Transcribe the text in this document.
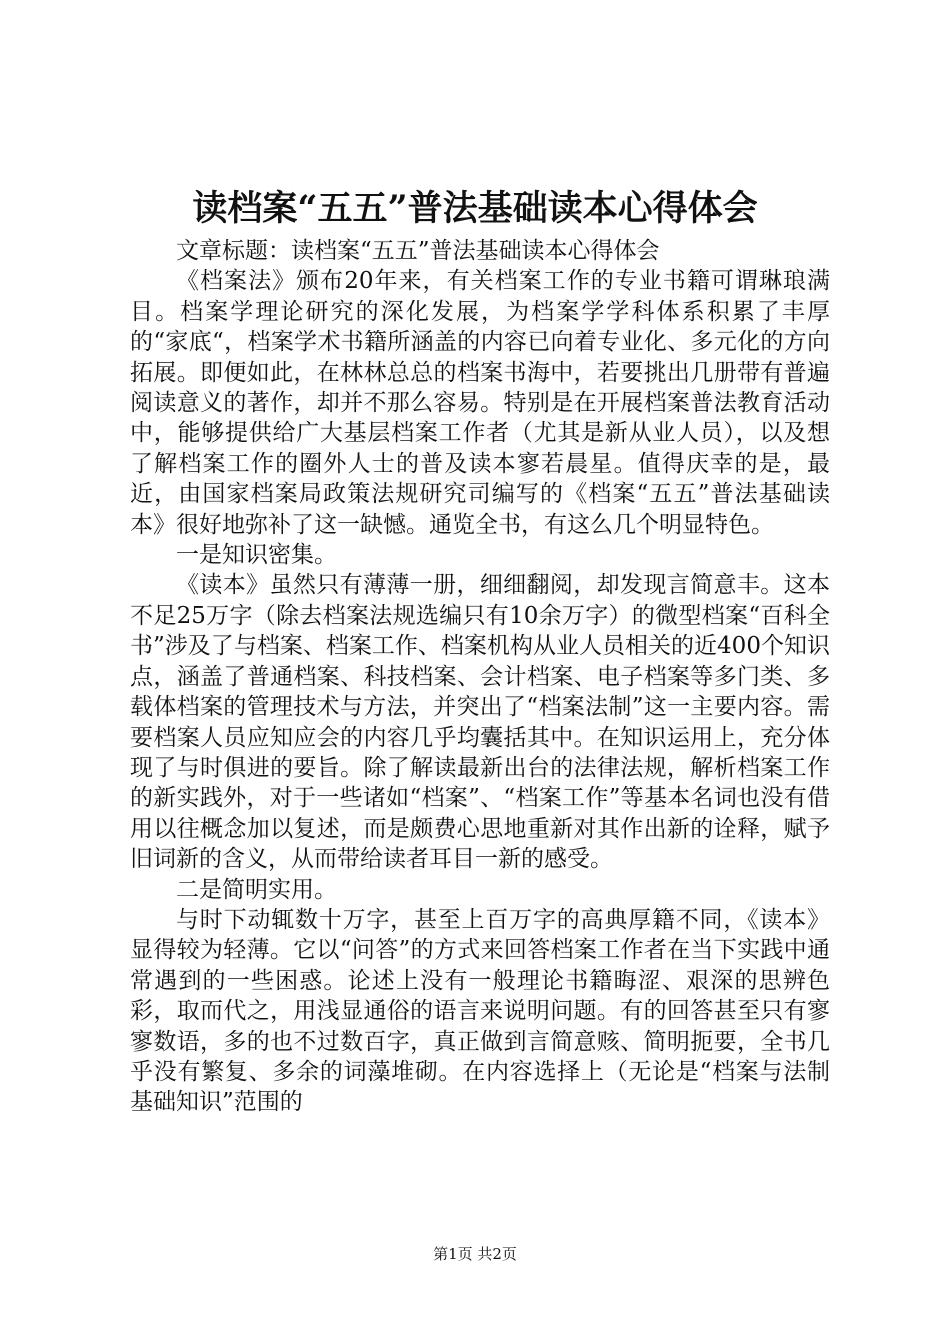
读档案“五五”普法基础读本心得体会

文章标题：读档案“五五”普法基础读本心得体会

《档案法》颁布20年来，有关档案工作的专业书籍可谓琳琅满目。档案学理论研究的深化发展，为档案学学科体系积累了丰厚的“家底“，档案学术书籍所涵盖的内容已向着专业化、多元化的方向拓展。即便如此，在林林总总的档案书海中，若要挑出几册带有普遍阅读意义的著作，却并不那么容易。特别是在开展档案普法教育活动中，能够提供给广大基层档案工作者（尤其是新从业人员），以及想了解档案工作的圈外人士的普及读本寥若晨星。值得庆幸的是，最近，由国家档案局政策法规研究司编写的《档案“五五”普法基础读本》很好地弥补了这一缺憾。通览全书，有这么几个明显特色。

一是知识密集。

《读本》虽然只有薄薄一册，细细翻阅，却发现言简意丰。这本不足25万字（除去档案法规选编只有10余万字）的微型档案“百科全书”涉及了与档案、档案工作、档案机构从业人员相关的近400个知识点，涵盖了普通档案、科技档案、会计档案、电子档案等多门类、多载体档案的管理技术与方法，并突出了“档案法制”这一主要内容。需要档案人员应知应会的内容几乎均囊括其中。在知识运用上，充分体现了与时俱进的要旨。除了解读最新出台的法律法规，解析档案工作的新实践外，对于一些诸如“档案”、“档案工作”等基本名词也没有借用以往概念加以复述，而是颇费心思地重新对其作出新的诠释，赋予旧词新的含义，从而带给读者耳目一新的感受。

二是简明实用。

与时下动辄数十万字，甚至上百万字的高典厚籍不同，《读本》显得较为轻薄。它以“问答”的方式来回答档案工作者在当下实践中通常遇到的一些困惑。论述上没有一般理论书籍晦涩、艰深的思辨色彩，取而代之，用浅显通俗的语言来说明问题。有的回答甚至只有寥寥数语，多的也不过数百字，真正做到言简意赅、简明扼要，全书几乎没有繁复、多余的词藻堆砌。在内容选择上（无论是“档案与法制基础知识”范围的

第1页 共2页
